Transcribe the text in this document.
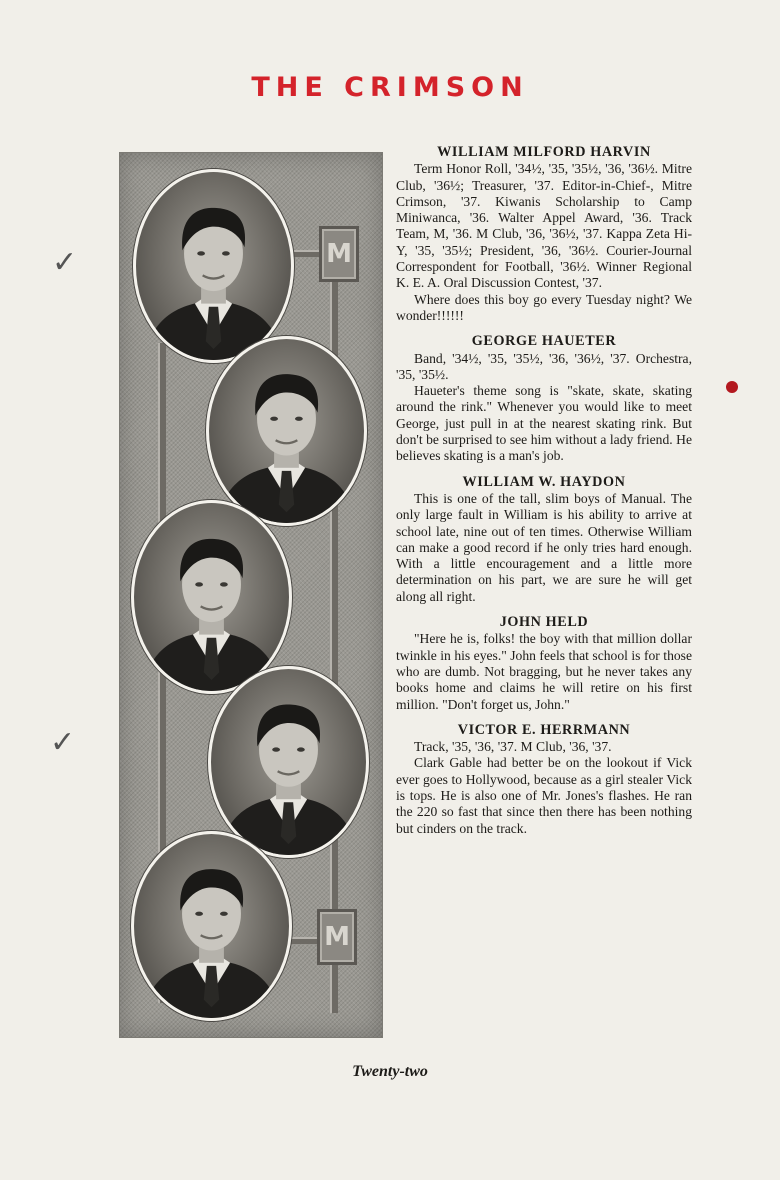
THE CRIMSON
✓
✓
M
M
WILLIAM MILFORD HARVIN

Term Honor Roll, '34½, '35, '35½, '36, '36½. Mitre Club, '36½; Treasurer, '37. Editor-in-Chief-, Mitre Crimson, '37. Kiwanis Scholarship to Camp Miniwanca, '36. Walter Appel Award, '36. Track Team, M, '36. M Club, '36, '36½, '37. Kappa Zeta Hi-Y, '35, '35½; President, '36, '36½. Courier-Journal Correspondent for Football, '36½. Winner Regional K. E. A. Oral Discussion Contest, '37.

Where does this boy go every Tuesday night? We wonder!!!!!!

GEORGE HAUETER

Band, '34½, '35, '35½, '36, '36½, '37. Orchestra, '35, '35½.

Haueter's theme song is "skate, skate, skating around the rink." Whenever you would like to meet George, just pull in at the nearest skating rink. But don't be surprised to see him without a lady friend. He believes skating is a man's job.

WILLIAM W. HAYDON

This is one of the tall, slim boys of Manual. The only large fault in William is his ability to arrive at school late, nine out of ten times. Otherwise William can make a good record if he only tries hard enough. With a little encouragement and a little more determination on his part, we are sure he will get along all right.

JOHN HELD

"Here he is, folks! the boy with that million dollar twinkle in his eyes." John feels that school is for those who are dumb. Not bragging, but he never takes any books home and claims he will retire on his first million. "Don't forget us, John."

VICTOR E. HERRMANN

Track, '35, '36, '37. M Club, '36, '37.

Clark Gable had better be on the lookout if Vick ever goes to Hollywood, because as a girl stealer Vick is tops. He is also one of Mr. Jones's flashes. He ran the 220 so fast that since then there has been nothing but cinders on the track.

Twenty-two
